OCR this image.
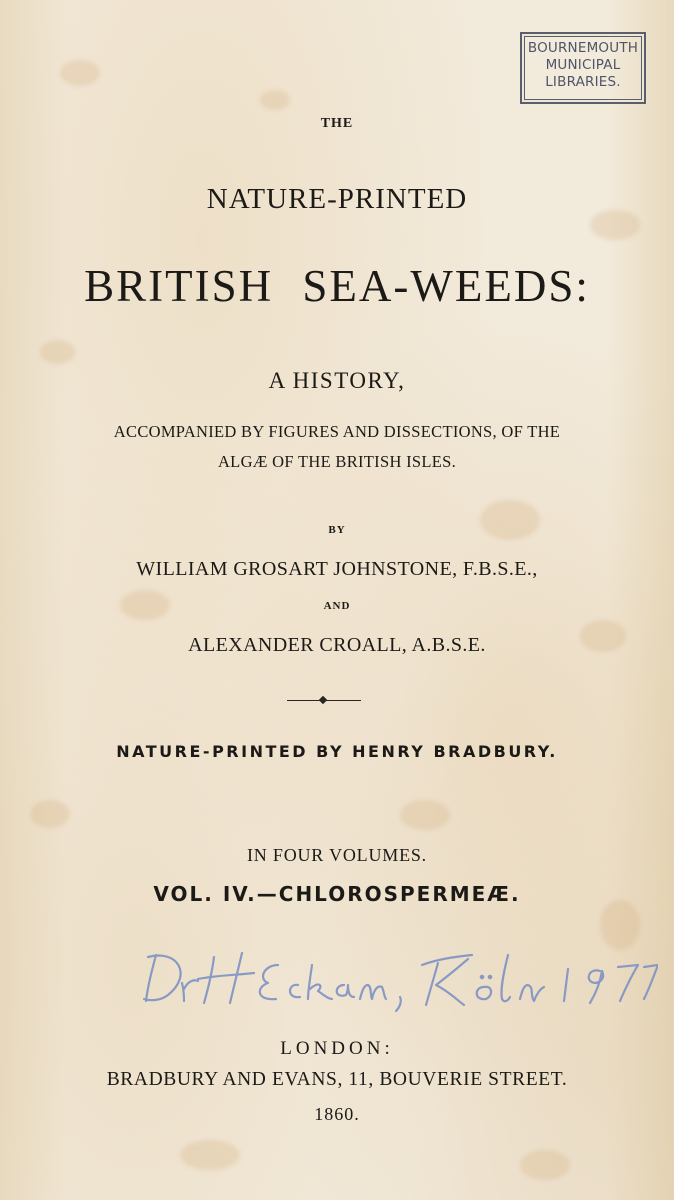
BOURNEMOUTH
MUNICIPAL
LIBRARIES.
THE
NATURE-PRINTED
BRITISH SEA-WEEDS:
A HISTORY,
ACCOMPANIED BY FIGURES AND DISSECTIONS, OF THE
ALGÆ OF THE BRITISH ISLES.
BY
WILLIAM GROSART JOHNSTONE, F.B.S.E.,
AND
ALEXANDER CROALL, A.B.S.E.
NATURE-PRINTED BY HENRY BRADBURY.
IN FOUR VOLUMES.
VOL. IV.—CHLOROSPERMEÆ.
LONDON:
BRADBURY AND EVANS, 11, BOUVERIE STREET.
1860.
